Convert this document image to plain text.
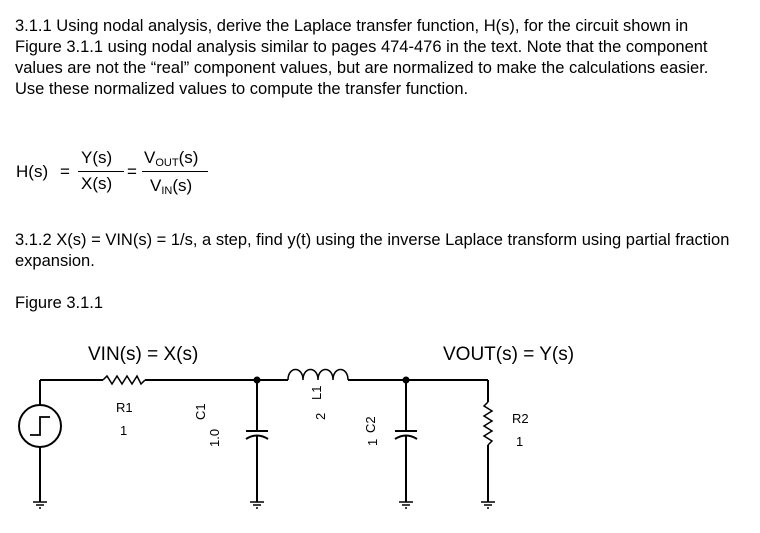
3.1.1 Using nodal analysis, derive the Laplace transfer function, H(s), for the circuit shown in Figure 3.1.1 using nodal analysis similar to pages 474-476 in the text. Note that the component values are not the “real” component values, but are normalized to make the calculations easier. Use these normalized values to compute the transfer function.

H(s) =
Y(s)
X(s)
=
VOUT(s)
VIN(s)

3.1.2 X(s) = VIN(s) = 1/s, a step, find y(t) using the inverse Laplace transform using partial fraction expansion.

Figure 3.1.1

VIN(s) = X(s)	VOUT(s) = Y(s)
R1
1
C1
1.0
L1
2	C2
1
R2
1
